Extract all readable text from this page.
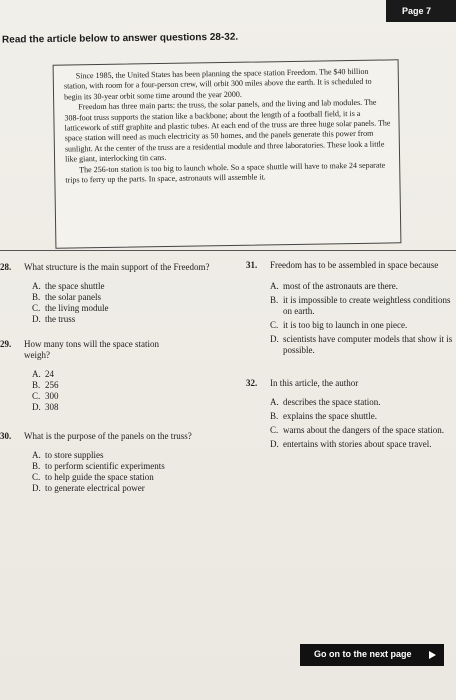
Page 7
Read the article below to answer questions 28-32.

Since 1985, the United States has been planning the space station Freedom. The $40 billion station, with room for a four-person crew, will orbit 300 miles above the earth. It is scheduled to begin its 30-year orbit some time around the year 2000.

Freedom has three main parts: the truss, the solar panels, and the living and lab modules. The 308-foot truss supports the station like a backbone; about the length of a football field, it is a latticework of stiff graphite and plastic tubes. At each end of the truss are three huge solar panels. The space station will need as much electricity as 50 homes, and the panels generate this power from sunlight. At the center of the truss are a residential module and three laboratories. These look a little like giant, interlocking tin cans.

The 256-ton station is too big to launch whole. So a space shuttle will have to make 24 separate trips to ferry up the parts. In space, astronauts will assemble it.

28. What structure is the main support of the Freedom?
A. the space shuttle
B. the solar panels
C. the living module
D. the truss
29. How many tons will the space station weigh?
A. 24
B. 256
C. 300
D. 308
30. What is the purpose of the panels on the truss?
A. to store supplies
B. to perform scientific experiments
C. to help guide the space station
D. to generate electrical power
31. Freedom has to be assembled in space because
A. most of the astronauts are there.
B. it is impossible to create weightless conditions on earth.
C. it is too big to launch in one piece.
D. scientists have computer models that show it is possible.
32. In this article, the author
A. describes the space station.
B. explains the space shuttle.
C. warns about the dangers of the space station.
D. entertains with stories about space travel.
Go on to the next page
